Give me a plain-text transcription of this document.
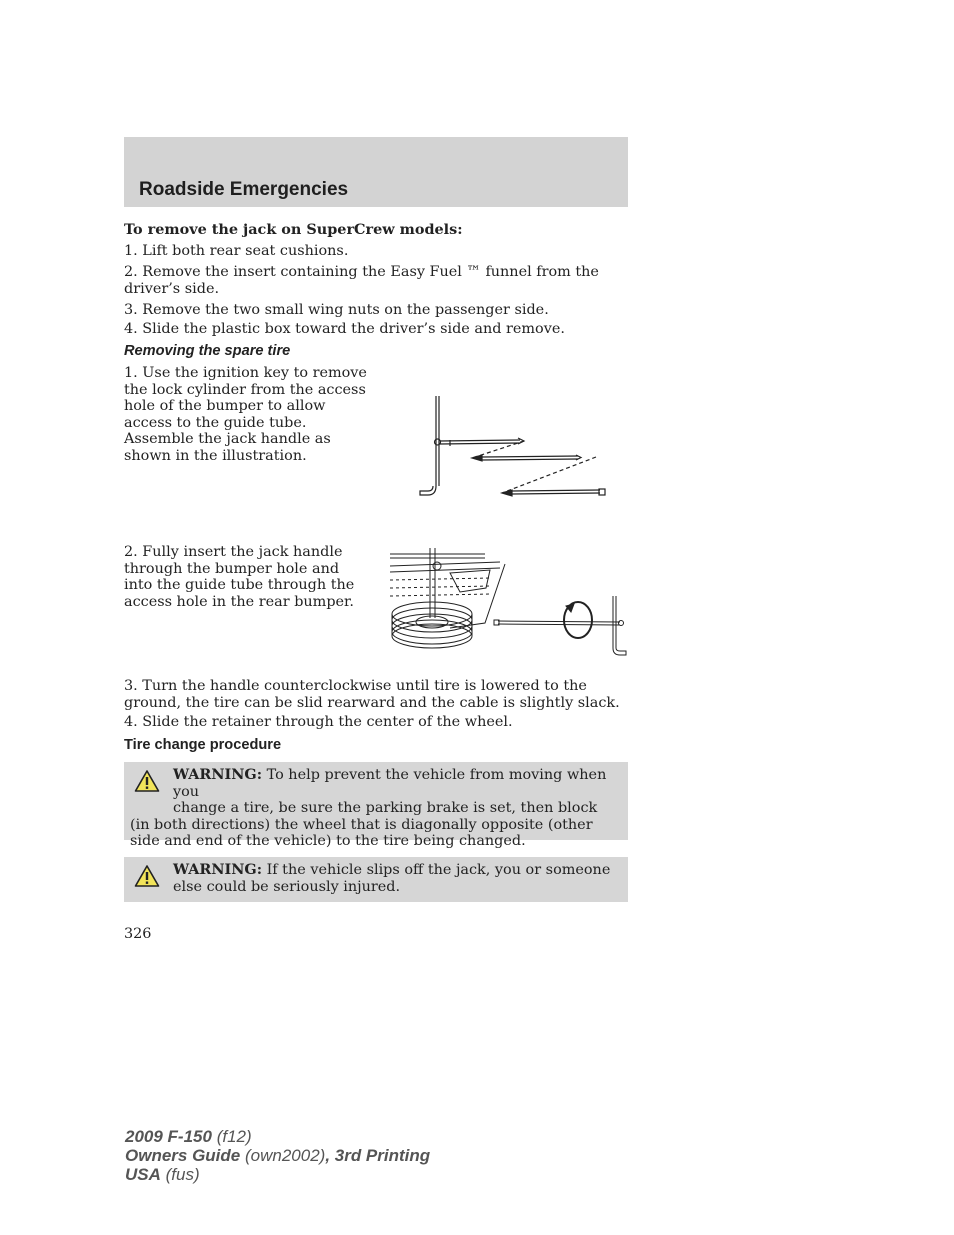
Roadside Emergencies

To remove the jack on SuperCrew models:

1. Lift both rear seat cushions.

2. Remove the insert containing the Easy Fuel ™ funnel from the driver’s side.

3. Remove the two small wing nuts on the passenger side.

4. Slide the plastic box toward the driver’s side and remove.

Removing the spare tire

1. Use the ignition key to remove the lock cylinder from the access hole of the bumper to allow access to the guide tube. Assemble the jack handle as shown in the illustration.

2. Fully insert the jack handle through the bumper hole and into the guide tube through the access hole in the rear bumper.

3. Turn the handle counterclockwise until tire is lowered to the ground, the tire can be slid rearward and the cable is slightly slack.

4. Slide the retainer through the center of the wheel.

Tire change procedure
WARNING: To help prevent the vehicle from moving when you
change a tire, be sure the parking brake is set, then block (in both directions) the wheel that is diagonally opposite (other side and end of the vehicle) to the tire being changed.
WARNING: If the vehicle slips off the jack, you or someone else could be seriously injured.
326
2009 F-150 (f12)
Owners Guide (own2002), 3rd Printing
USA (fus)
